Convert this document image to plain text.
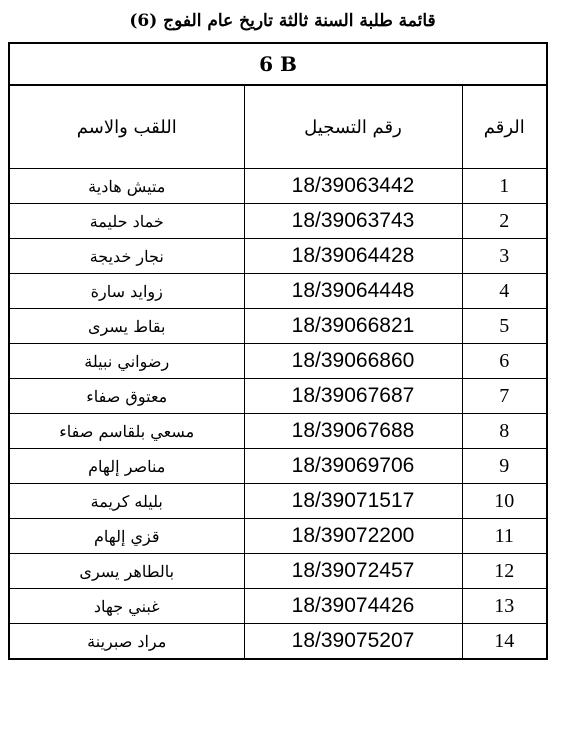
قائمة طلبة السنة ثالثة تاريخ عام الفوج (6)
6 B		
اللقب والاسم	رقم التسجيل	الرقم
متيش هادية	18/39063442	1
خماد حليمة	18/39063743	2
نجار خديجة	18/39064428	3
زوايد سارة	18/39064448	4
بقاط يسرى	18/39066821	5
رضواني نبيلة	18/39066860	6
معتوق صفاء	18/39067687	7
مسعي بلقاسم صفاء	18/39067688	8
مناصر إلهام	18/39069706	9
بليله كريمة	18/39071517	10
قزي إلهام	18/39072200	11
بالطاهر يسرى	18/39072457	12
غبني جهاد	18/39074426	13
مراد صبرينة	18/39075207	14
